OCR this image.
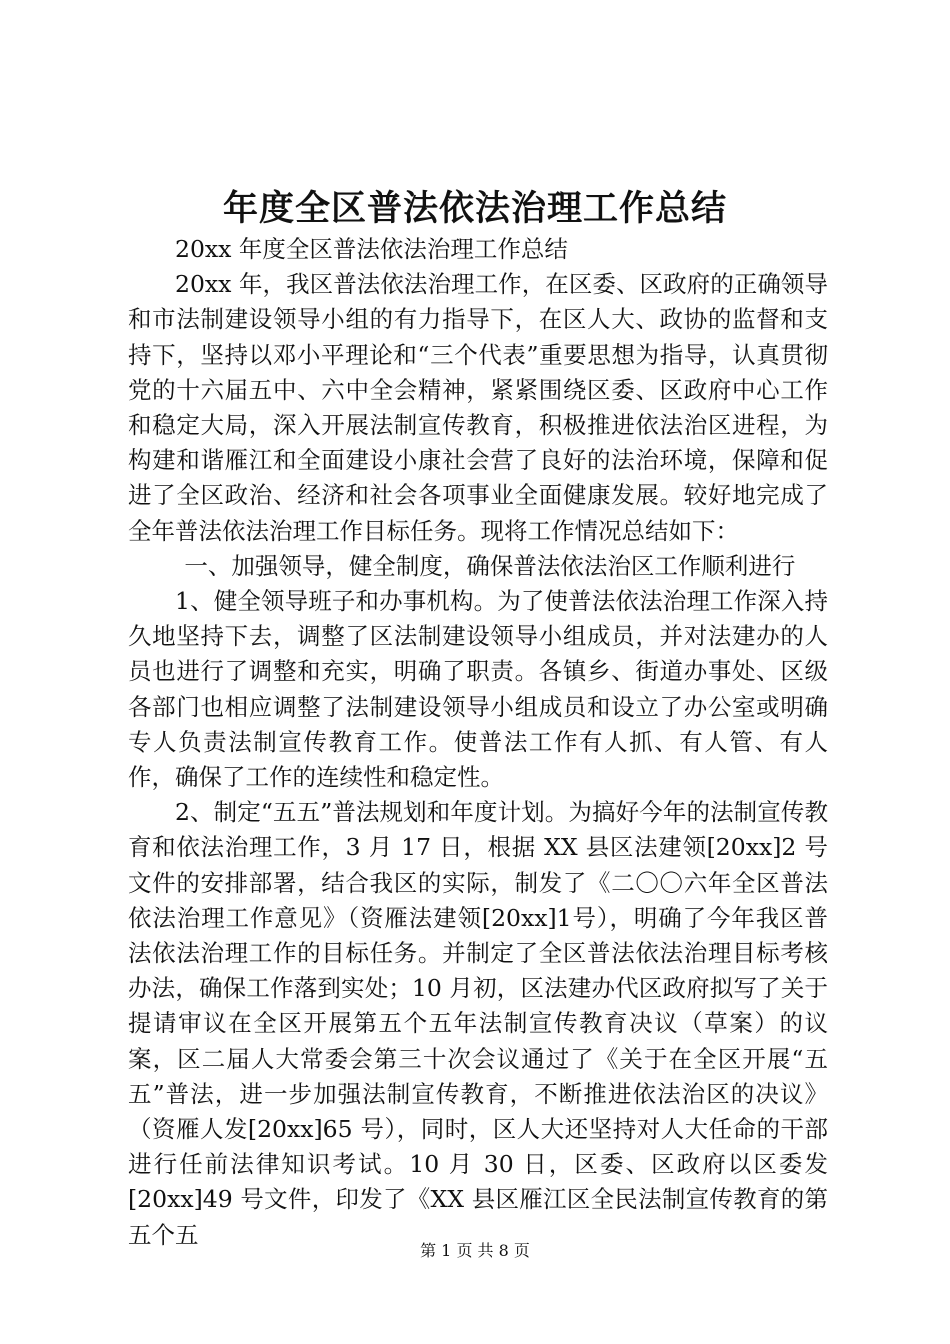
年度全区普法依法治理工作总结

20xx 年度全区普法依法治理工作总结

20xx 年，我区普法依法治理工作，在区委、区政府的正确领导和市法制建设领导小组的有力指导下，在区人大、政协的监督和支持下，坚持以邓小平理论和“三个代表”重要思想为指导，认真贯彻党的十六届五中、六中全会精神，紧紧围绕区委、区政府中心工作和稳定大局，深入开展法制宣传教育，积极推进依法治区进程，为构建和谐雁江和全面建设小康社会营了良好的法治环境，保障和促进了全区政治、经济和社会各项事业全面健康发展。较好地完成了全年普法依法治理工作目标任务。现将工作情况总结如下：

一、加强领导，健全制度，确保普法依法治区工作顺利进行

1、健全领导班子和办事机构。为了使普法依法治理工作深入持久地坚持下去，调整了区法制建设领导小组成员，并对法建办的人员也进行了调整和充实，明确了职责。各镇乡、街道办事处、区级各部门也相应调整了法制建设领导小组成员和设立了办公室或明确专人负责法制宣传教育工作。使普法工作有人抓、有人管、有人作，确保了工作的连续性和稳定性。

2、制定“五五”普法规划和年度计划。为搞好今年的法制宣传教育和依法治理工作，3 月 17 日，根据 XX 县区法建领[20xx]2 号文件的安排部署，结合我区的实际，制发了《二〇〇六年全区普法依法治理工作意见》（资雁法建领[20xx]1号），明确了今年我区普法依法治理工作的目标任务。并制定了全区普法依法治理目标考核办法，确保工作落到实处；10 月初，区法建办代区政府拟写了关于提请审议在全区开展第五个五年法制宣传教育决议（草案）的议案，区二届人大常委会第三十次会议通过了《关于在全区开展“五五”普法，进一步加强法制宣传教育，不断推进依法治区的决议》（资雁人发[20xx]65 号），同时，区人大还坚持对人大任命的干部进行任前法律知识考试。10 月 30 日，区委、区政府以区委发[20xx]49 号文件，印发了《XX 县区雁江区全民法制宣传教育的第五个五

第 1 页 共 8 页
